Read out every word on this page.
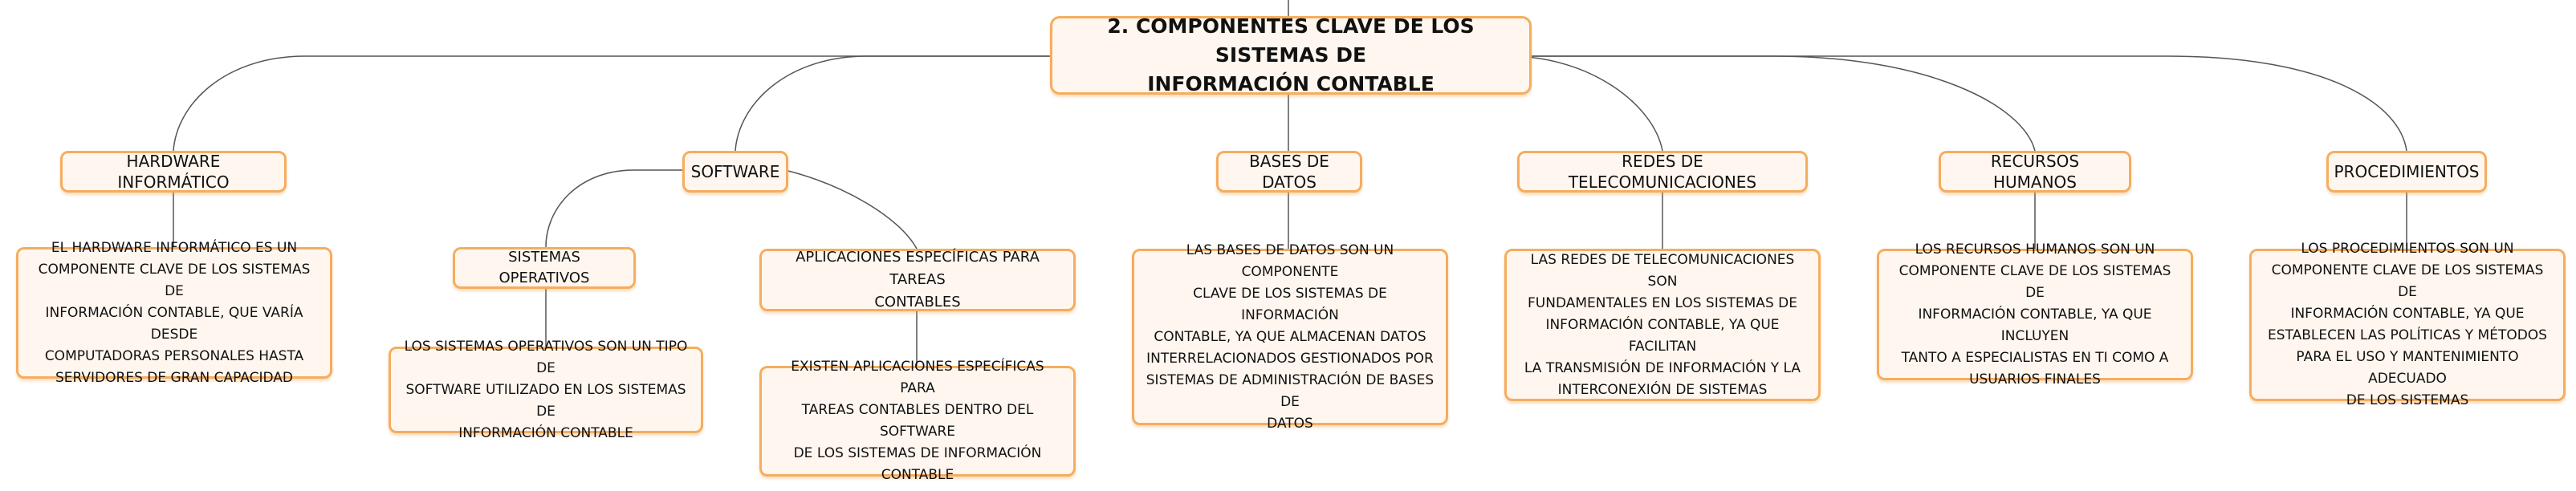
2. COMPONENTES CLAVE DE LOS SISTEMAS DE
INFORMACIÓN CONTABLE
HARDWARE INFORMÁTICO
SOFTWARE
BASES DE DATOS
REDES DE TELECOMUNICACIONES
RECURSOS HUMANOS
PROCEDIMIENTOS
SISTEMAS OPERATIVOS
APLICACIONES ESPECÍFICAS PARA TAREAS
CONTABLES
EL HARDWARE INFORMÁTICO ES UN
COMPONENTE CLAVE DE LOS SISTEMAS DE
INFORMACIÓN CONTABLE, QUE VARÍA DESDE
COMPUTADORAS PERSONALES HASTA
SERVIDORES DE GRAN CAPACIDAD
LOS SISTEMAS OPERATIVOS SON UN TIPO DE
SOFTWARE UTILIZADO EN LOS SISTEMAS DE
INFORMACIÓN CONTABLE
EXISTEN APLICACIONES ESPECÍFICAS PARA
TAREAS CONTABLES DENTRO DEL SOFTWARE
DE LOS SISTEMAS DE INFORMACIÓN
CONTABLE
LAS BASES DE DATOS SON UN COMPONENTE
CLAVE DE LOS SISTEMAS DE INFORMACIÓN
CONTABLE, YA QUE ALMACENAN DATOS
INTERRELACIONADOS GESTIONADOS POR
SISTEMAS DE ADMINISTRACIÓN DE BASES DE
DATOS
LAS REDES DE TELECOMUNICACIONES SON
FUNDAMENTALES EN LOS SISTEMAS DE
INFORMACIÓN CONTABLE, YA QUE FACILITAN
LA TRANSMISIÓN DE INFORMACIÓN Y LA
INTERCONEXIÓN DE SISTEMAS
LOS RECURSOS HUMANOS SON UN
COMPONENTE CLAVE DE LOS SISTEMAS DE
INFORMACIÓN CONTABLE, YA QUE INCLUYEN
TANTO A ESPECIALISTAS EN TI COMO A
USUARIOS FINALES
LOS PROCEDIMIENTOS SON UN
COMPONENTE CLAVE DE LOS SISTEMAS DE
INFORMACIÓN CONTABLE, YA QUE
ESTABLECEN LAS POLÍTICAS Y MÉTODOS
PARA EL USO Y MANTENIMIENTO ADECUADO
DE LOS SISTEMAS
